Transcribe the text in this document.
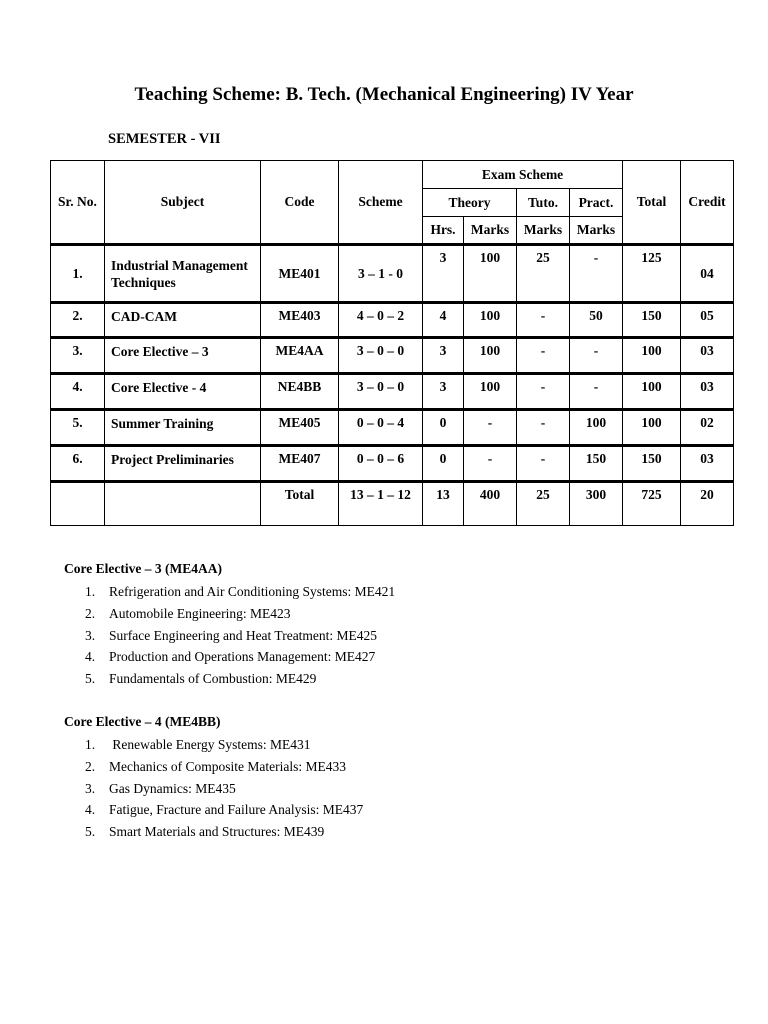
Teaching Scheme: B. Tech. (Mechanical Engineering) IV Year
SEMESTER - VII
Sr. No.	Subject	Code	Scheme	Exam Scheme				Total	Credit
				Theory		Tuto.	Pract.		
				Hrs.	Marks	Marks	Marks		
1.	Industrial Management Techniques	ME401	3 – 1 - 0	3	100	25	-	125	04
2.	CAD-CAM	ME403	4 – 0 – 2	4	100	-	50	150	05
3.	Core Elective – 3	ME4AA	3 – 0 – 0	3	100	-	-	100	03
4.	Core Elective - 4	NE4BB	3 – 0 – 0	3	100	-	-	100	03
5.	Summer Training	ME405	0 – 0 – 4	0	-	-	100	100	02
6.	Project Preliminaries	ME407	0 – 0 – 6	0	-	-	150	150	03
		Total	13 – 1 – 12	13	400	25	300	725	20
Core Elective – 3 (ME4AA)
1. Refrigeration and Air Conditioning Systems: ME421
2. Automobile Engineering: ME423
3. Surface Engineering and Heat Treatment: ME425
4. Production and Operations Management: ME427
5. Fundamentals of Combustion: ME429
Core Elective – 4 (ME4BB)
1. Renewable Energy Systems: ME431
2. Mechanics of Composite Materials: ME433
3. Gas Dynamics: ME435
4. Fatigue, Fracture and Failure Analysis: ME437
5. Smart Materials and Structures: ME439
